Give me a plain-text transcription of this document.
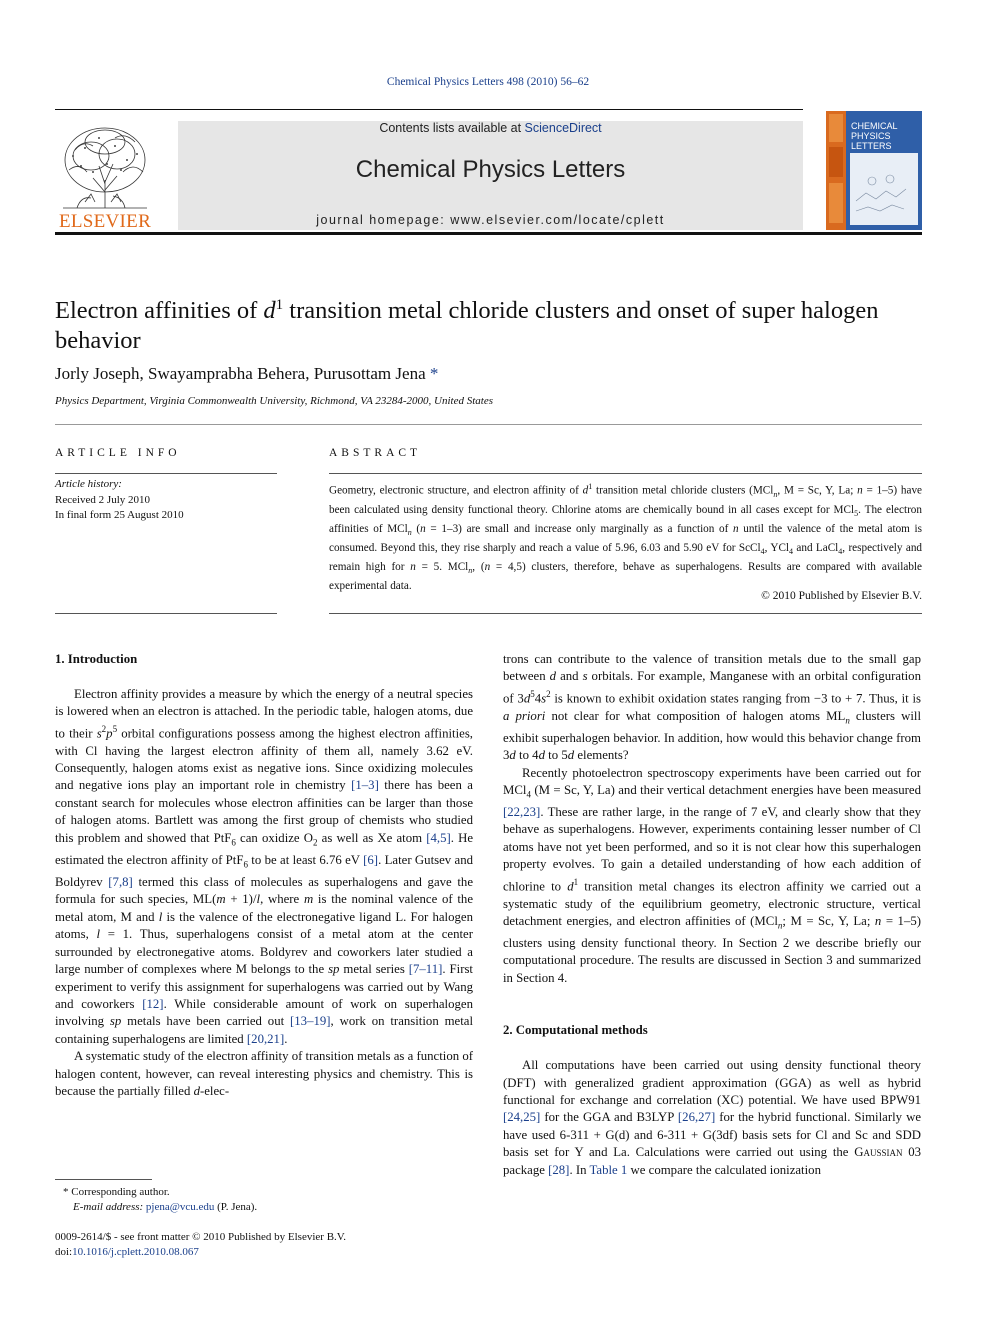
Chemical Physics Letters 498 (2010) 56–62
ELSEVIER
Contents lists available at ScienceDirect
Chemical Physics Letters
journal homepage: www.elsevier.com/locate/cplett
CHEMICAL
PHYSICS
LETTERS
Electron affinities of $d^1$ transition metal chloride clusters and onset of super halogen behavior
Jorly Joseph, Swayamprabha Behera, Purusottam Jena *
Physics Department, Virginia Commonwealth University, Richmond, VA 23284-2000, United States
ARTICLE INFO	ABSTRACT
Article history:
Received 2 July 2010
In final form 25 August 2010
Geometry, electronic structure, and electron affinity of $d^1$ transition metal chloride clusters (MCl$_n$, M = Sc, Y, La; n = 1–5) have been calculated using density functional theory. Chlorine atoms are chemically bound in all cases except for MCl$_5$. The electron affinities of MCl$_n$ (n = 1–3) are small and increase only marginally as a function of n until the valence of the metal atom is consumed. Beyond this, they rise sharply and reach a value of 5.96, 6.03 and 5.90 eV for ScCl$_4$, YCl$_4$ and LaCl$_4$, respectively and remain high for n = 5. MCl$_n$, (n = 4,5) clusters, therefore, behave as superhalogens. Results are compared with available experimental data.
© 2010 Published by Elsevier B.V.
1. Introduction

Electron affinity provides a measure by which the energy of a neutral species is lowered when an electron is attached. In the periodic table, halogen atoms, due to their $s^2p^5$ orbital configurations possess among the highest electron affinities, with Cl having the largest electron affinity of them all, namely 3.62 eV. Consequently, halogen atoms exist as negative ions. Since oxidizing molecules and negative ions play an important role in chemistry [1–3] there has been a constant search for molecules whose electron affinities can be larger than those of halogen atoms. Bartlett was among the first group of chemists who studied this problem and showed that PtF$_6$ can oxidize $O_2$ as well as Xe atom [4,5]. He estimated the electron affinity of PtF$_6$ to be at least 6.76 eV [6]. Later Gutsev and Boldyrev [7,8] termed this class of molecules as superhalogens and gave the formula for such species, ML(m + 1)/l, where m is the nominal valence of the metal atom, M and l is the valence of the electronegative ligand L. For halogen atoms, l = 1. Thus, superhalogens consist of a metal atom at the center surrounded by electronegative atoms. Boldyrev and coworkers later studied a large number of complexes where M belongs to the sp metal series [7–11]. First experiment to verify this assignment for superhalogens was carried out by Wang and coworkers [12]. While considerable amount of work on superhalogen involving sp metals have been carried out [13–19], work on transition metal containing superhalogens are limited [20,21].

A systematic study of the electron affinity of transition metals as a function of halogen content, however, can reveal interesting physics and chemistry. This is because the partially filled d-elec-

trons can contribute to the valence of transition metals due to the small gap between d and s orbitals. For example, Manganese with an orbital configuration of $3d^54s^2$ is known to exhibit oxidation states ranging from −3 to + 7. Thus, it is a priori not clear for what composition of halogen atoms $ML_n$ clusters will exhibit superhalogen behavior. In addition, how would this behavior change from 3d to 4d to 5d elements?

Recently photoelectron spectroscopy experiments have been carried out for MCl$_4$ (M = Sc, Y, La) and their vertical detachment energies have been measured [22,23]. These are rather large, in the range of 7 eV, and clearly show that they behave as superhalogens. However, experiments containing lesser number of Cl atoms have not yet been performed, and so it is not clear how this superhalogen property evolves. To gain a detailed understanding of how each addition of chlorine to $d^1$ transition metal changes its electron affinity we carried out a systematic study of the equilibrium geometry, electronic structure, vertical detachment energies, and electron affinities of (MCl$_n$; M = Sc, Y, La; n = 1–5) clusters using density functional theory. In Section 2 we describe briefly our computational procedure. The results are discussed in Section 3 and summarized in Section 4.

2. Computational methods

All computations have been carried out using density functional theory (DFT) with generalized gradient approximation (GGA) as well as hybrid functional for exchange and correlation (XC) potential. We have used BPW91 [24,25] for the GGA and B3LYP [26,27] for the hybrid functional. Similarly we have used 6-311 + G(d) and 6-311 + G(3df) basis sets for Cl and Sc and SDD basis set for Y and La. Calculations were carried out using the Gaussian 03 package [28]. In Table 1 we compare the calculated ionization

* Corresponding author.
E-mail address: pjena@vcu.edu (P. Jena).
0009-2614/$ - see front matter © 2010 Published by Elsevier B.V.
doi:10.1016/j.cplett.2010.08.067
